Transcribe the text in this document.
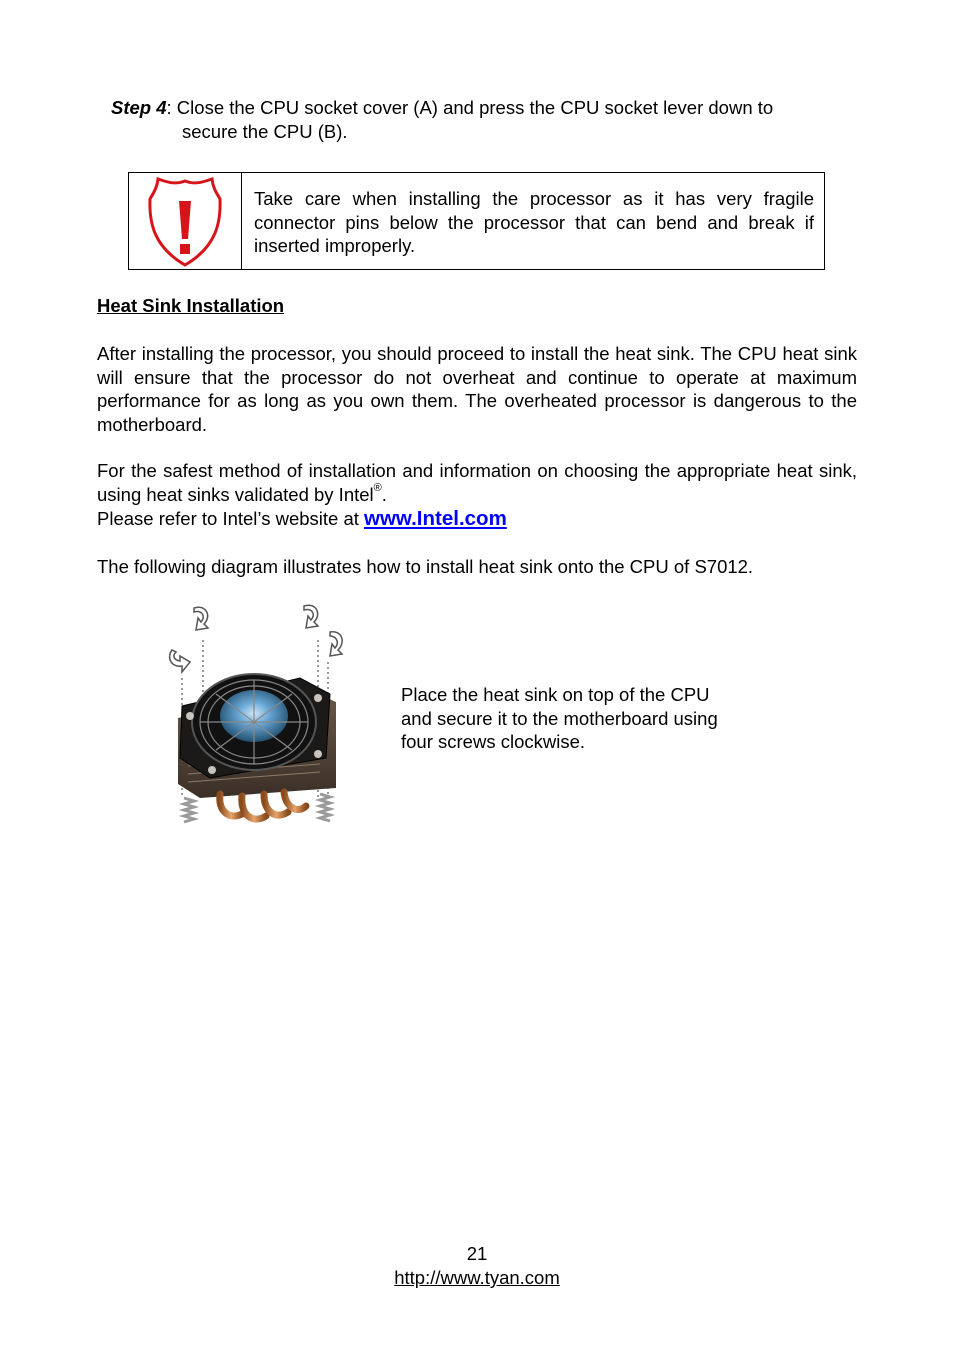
Step 4: Close the CPU socket cover (A) and press the CPU socket lever down to
secure the CPU (B).
Take care when installing the processor as it has very fragile connector pins below the processor that can bend and break if inserted improperly.
Heat Sink Installation
After installing the processor, you should proceed to install the heat sink. The CPU heat sink will ensure that the processor do not overheat and continue to operate at maximum performance for as long as you own them. The overheated processor is dangerous to the motherboard.
For the safest method of installation and information on choosing the appropriate heat sink, using heat sinks validated by Intel®.
Please refer to Intel’s website at www.Intel.com
The following diagram illustrates how to install heat sink onto the CPU of S7012.
Place the heat sink on top of the CPU
and secure it to the motherboard using
four screws clockwise.
21
http://www.tyan.com
